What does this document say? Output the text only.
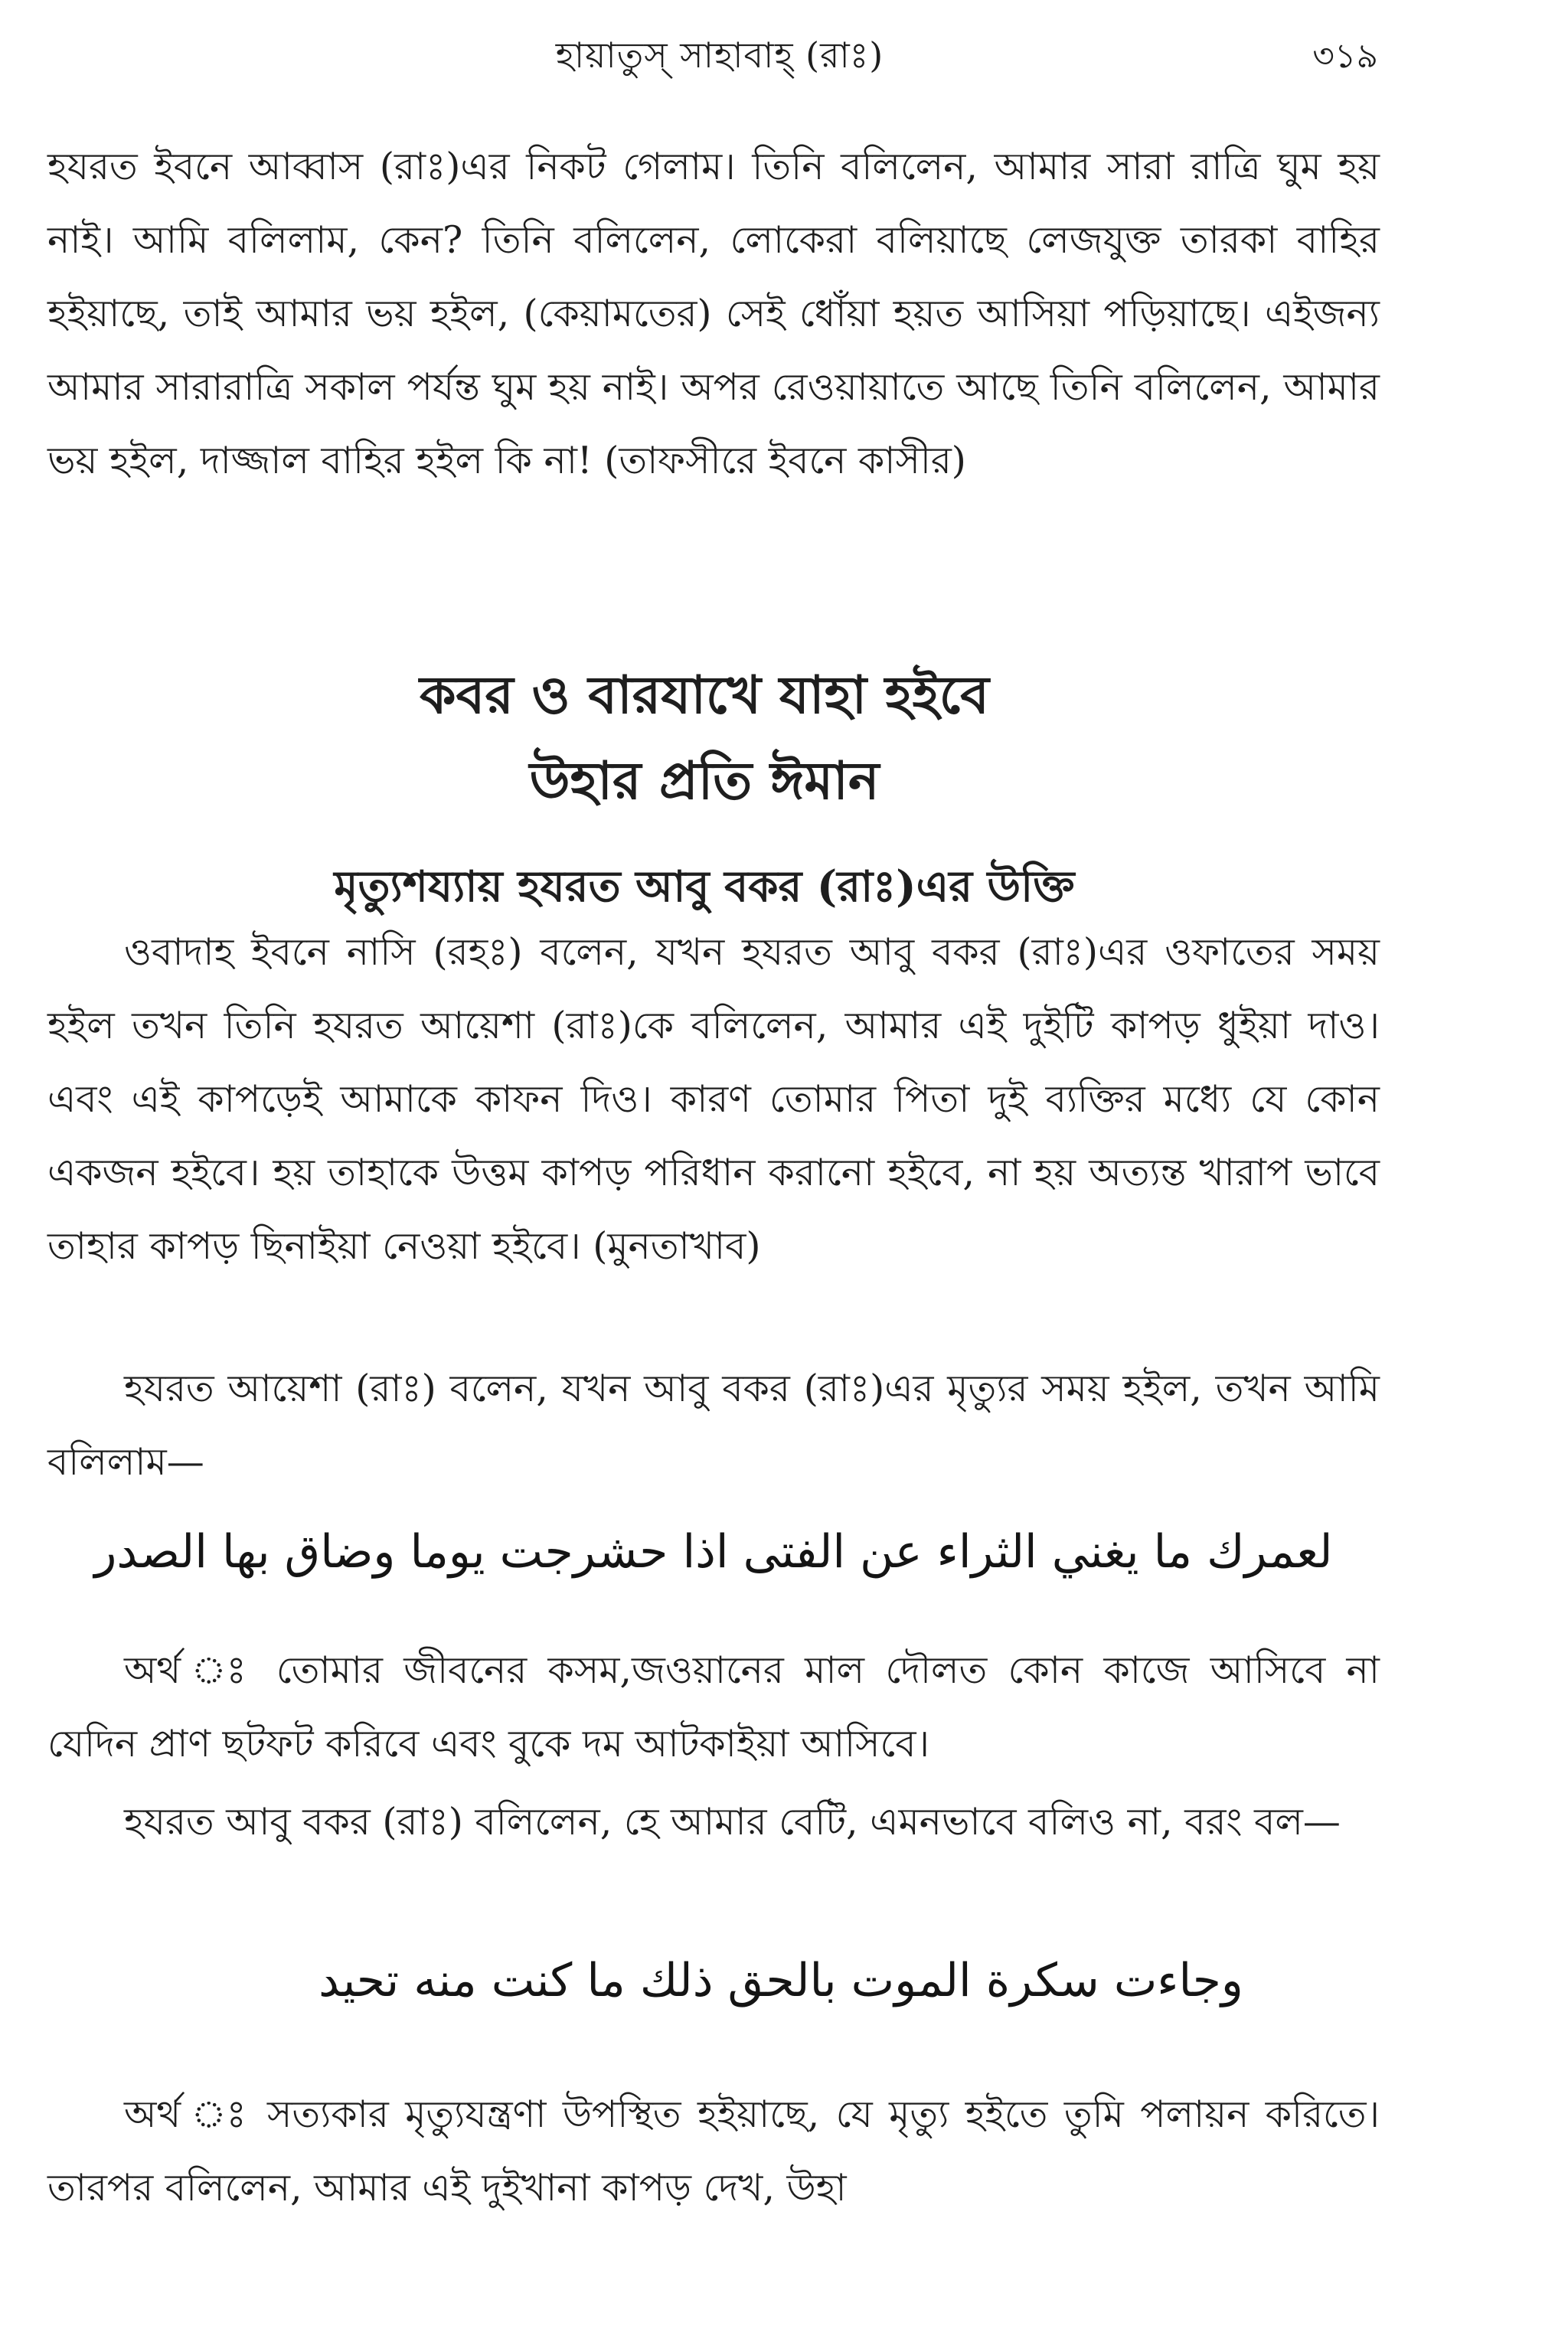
হায়াতুস্ সাহাবাহ্ (রাঃ)	৩১৯
হযরত ইবনে আব্বাস (রাঃ)এর নিকট গেলাম। তিনি বলিলেন, আমার সারা রাত্রি ঘুম হয় নাই। আমি বলিলাম, কেন? তিনি বলিলেন, লোকেরা বলিয়াছে লেজযুক্ত তারকা বাহির হইয়াছে, তাই আমার ভয় হইল, (কেয়ামতের) সেই ধোঁয়া হয়ত আসিয়া পড়িয়াছে। এইজন্য আমার সারারাত্রি সকাল পর্যন্ত ঘুম হয় নাই। অপর রেওয়ায়াতে আছে তিনি বলিলেন, আমার ভয় হইল, দাজ্জাল বাহির হইল কি না! (তাফসীরে ইবনে কাসীর)
কবর ও বারযাখে যাহা হইবে
উহার প্রতি ঈমান
মৃত্যুশয্যায় হযরত আবু বকর (রাঃ)এর উক্তি
ওবাদাহ ইবনে নাসি (রহঃ) বলেন, যখন হযরত আবু বকর (রাঃ)এর ওফাতের সময় হইল তখন তিনি হযরত আয়েশা (রাঃ)কে বলিলেন, আমার এই দুইটি কাপড় ধুইয়া দাও। এবং এই কাপড়েই আমাকে কাফন দিও। কারণ তোমার পিতা দুই ব্যক্তির মধ্যে যে কোন একজন হইবে। হয় তাহাকে উত্তম কাপড় পরিধান করানো হইবে, না হয় অত্যন্ত খারাপ ভাবে তাহার কাপড় ছিনাইয়া নেওয়া হইবে। (মুনতাখাব)
হযরত আয়েশা (রাঃ) বলেন, যখন আবু বকর (রাঃ)এর মৃত্যুর সময় হইল, তখন আমি বলিলাম—
لعمرك ما يغني الثراء عن الفتى اذا حشرجت يوما وضاق بها الصدر
অর্থ ঃ তোমার জীবনের কসম,জওয়ানের মাল দৌলত কোন কাজে আসিবে না যেদিন প্রাণ ছটফট করিবে এবং বুকে দম আটকাইয়া আসিবে।
হযরত আবু বকর (রাঃ) বলিলেন, হে আমার বেটি, এমনভাবে বলিও না, বরং বল—
وجاءت سكرة الموت بالحق ذلك ما كنت منه تحيد
অর্থ ঃ সত্যকার মৃত্যুযন্ত্রণা উপস্থিত হইয়াছে, যে মৃত্যু হইতে তুমি পলায়ন করিতে। তারপর বলিলেন, আমার এই দুইখানা কাপড় দেখ, উহা
